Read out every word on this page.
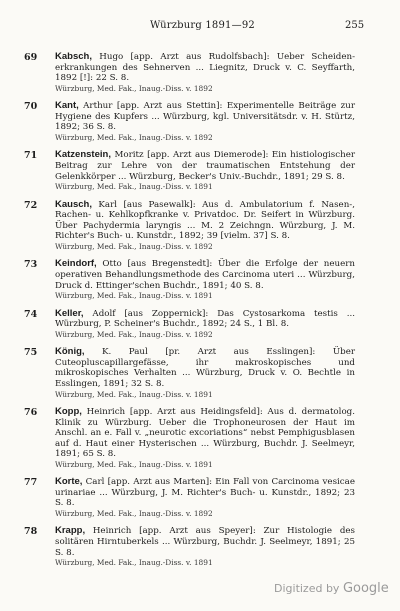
Würzburg 1891—92	255
69 Kabsch, Hugo [app. Arzt aus Rudolfsbach]: Ueber Scheiden-erkrankungen des Sehnerven ... Liegnitz, Druck v. C. Seyffarth, 1892 [!]: 22 S. 8.
Würzburg, Med. Fak., Inaug.-Diss. v. 1892
70 Kant, Arthur [app. Arzt aus Stettin]: Experimentelle Beiträge zur Hygiene des Kupfers ... Würzburg, kgl. Universitätsdr. v. H. Stürtz, 1892; 36 S. 8.
Würzburg, Med. Fak., Inaug.-Diss. v. 1892
71 Katzenstein, Moritz [app. Arzt aus Diemerode]: Ein histiologischer Beitrag zur Lehre von der traumatischen Entstehung der Gelenkkörper ... Würzburg, Becker's Univ.-Buchdr., 1891; 29 S. 8.
Würzburg, Med. Fak., Inaug.-Diss. v. 1891
72 Kausch, Karl [aus Pasewalk]: Aus d. Ambulatorium f. Nasen-, Rachen- u. Kehlkopfkranke v. Privatdoc. Dr. Seifert in Würzburg. Über Pachydermia laryngis ... M. 2 Zeichngn. Würzburg, J. M. Richter's Buch- u. Kunstdr., 1892; 39 [vielm. 37] S. 8.
Würzburg, Med. Fak., Inaug.-Diss. v. 1892
73 Keindorf, Otto [aus Bregenstedt]: Über die Erfolge der neuern operativen Behandlungsmethode des Carcinoma uteri ... Würzburg, Druck d. Ettinger'schen Buchdr., 1891; 40 S. 8.
Würzburg, Med. Fak., Inaug.-Diss. v. 1891
74 Keller, Adolf [aus Zoppernick]: Das Cystosarkoma testis ... Würzburg, P. Scheiner's Buchdr., 1892; 24 S., 1 Bl. 8.
Würzburg, Med. Fak., Inaug.-Diss. v. 1892
75 König, K. Paul [pr. Arzt aus Esslingen]: Über Cuteopluscapillargefässe, ihr makroskopisches und mikroskopisches Verhalten ... Würzburg, Druck v. O. Bechtle in Esslingen, 1891; 32 S. 8.
Würzburg, Med. Fak., Inaug.-Diss. v. 1891
76 Kopp, Heinrich [app. Arzt aus Heidingsfeld]: Aus d. dermatolog. Klinik zu Würzburg. Ueber die Trophoneurosen der Haut im Anschl. an e. Fall v. „neurotic excoriations“ nebst Pemphigusblasen auf d. Haut einer Hysterischen ... Würzburg, Buchdr. J. Seelmeyr, 1891; 65 S. 8.
Würzburg, Med. Fak., Inaug.-Diss. v. 1891
77 Korte, Carl [app. Arzt aus Marten]: Ein Fall von Carcinoma vesicae urinariae ... Würzburg, J. M. Richter's Buch- u. Kunstdr., 1892; 23 S. 8.
Würzburg, Med. Fak., Inaug.-Diss. v. 1892
78 Krapp, Heinrich [app. Arzt aus Speyer]: Zur Histologie des solitären Hirntuberkels ... Würzburg, Buchdr. J. Seelmeyr, 1891; 25 S. 8.
Würzburg, Med. Fak., Inaug.-Diss. v. 1891
Digitized by Google
